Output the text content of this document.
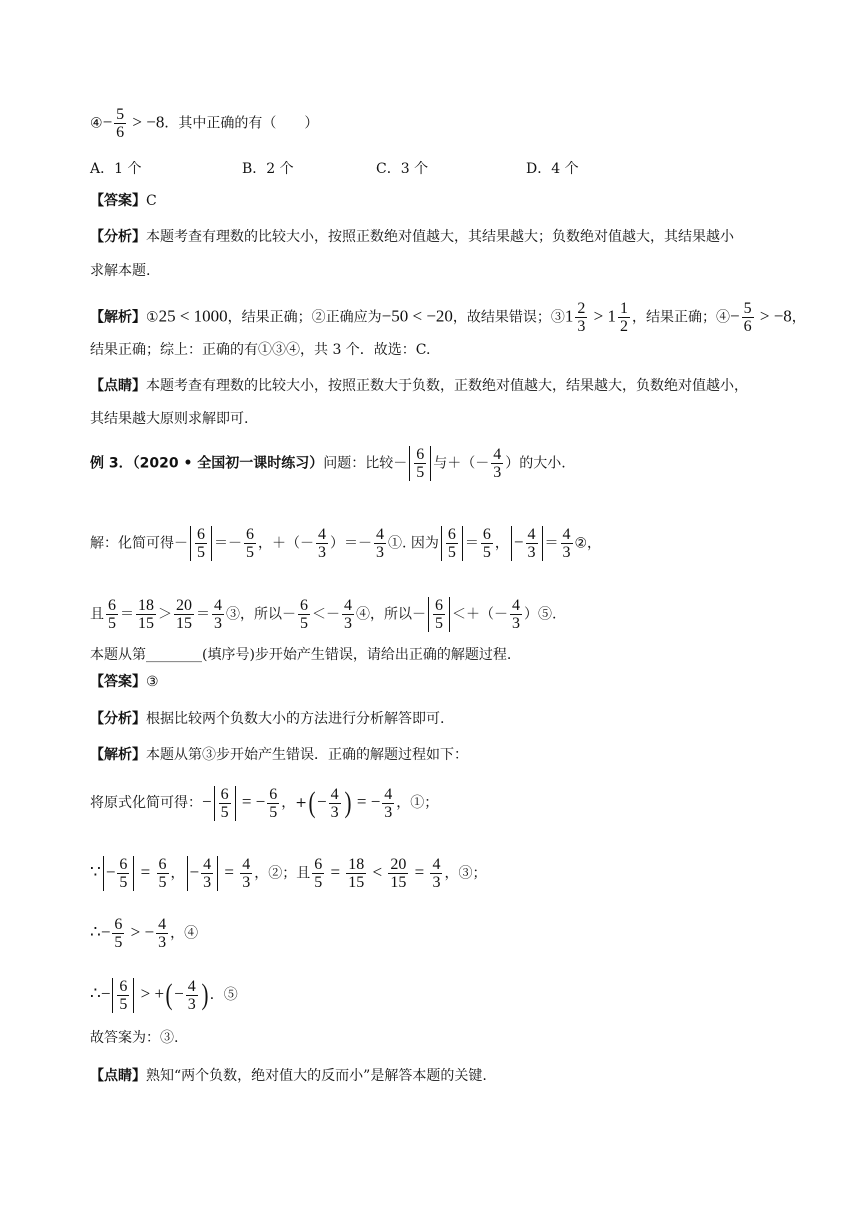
④− $\frac{5}{6} > -8$．其中正确的有（　　）
A．1 个	B．2 个	C．3 个	D．4 个
【答案】C
【分析】本题考查有理数的比较大小，按照正数绝对值越大，其结果越大；负数绝对值越大，其结果越小
求解本题.
【解析】①25 < 1000，结果正确；②正确应为−50 < −20，故结果错误；③1 $\frac{2}{3} > 1 \frac{1}{2}$ ，结果正确；④− $\frac{5}{6} > -8$，
结果正确；综上：正确的有①③④，共 3 个．故选：C.
【点睛】本题考查有理数的比较大小，按照正数大于负数，正数绝对值越大，结果越大，负数绝对值越小，
其结果越大原则求解即可.
例 3．（2020 • 全国初一课时练习）问题：比较－ $\frac{6}{5}$ 与＋（－ $\frac{4}{3}$ ）的大小.
解：化简可得－ $\frac{6}{5} =- \frac{6}{5}$ ，＋（－ $\frac{4}{3}$ ）＝－ $\frac{4}{3}$ ①. 因为 $\frac{6}{5} = \frac{6}{5}$ ， − $\frac{4}{3} = \frac{4}{3}$ ②，
且 $\frac{6}{5} = \frac{18}{15} > \frac{20}{15} = \frac{4}{3}$ ③，所以－ $\frac{6}{5} <- \frac{4}{3}$ ④，所以－ $\frac{6}{5}$ ＜＋（－ $\frac{4}{3}$ ）⑤.
本题从第________(填序号)步开始产生错误，请给出正确的解题过程.
【答案】③
【分析】根据比较两个负数大小的方法进行分析解答即可.
【解析】本题从第③步开始产生错误．正确的解题过程如下：
将原式化简可得：− $\frac{6}{5}$ = − $\frac{6}{5}$ ，+(− $\frac{4}{3}$ ) = − $\frac{4}{3}$ ，①；
∵ − $\frac{6}{5} = \frac{6}{5}$ ， − $\frac{4}{3} = \frac{4}{3}$ ，②；且 $\frac{6}{5} = \frac{18}{15} < \frac{20}{15} = \frac{4}{3}$ ，③；
∴− $\frac{6}{5}$ > − $\frac{4}{3}$ ，④
∴− $\frac{6}{5}$ > +(− $\frac{4}{3}$ ) ．⑤
故答案为：③.
【点睛】熟知“两个负数，绝对值大的反而小”是解答本题的关键.
